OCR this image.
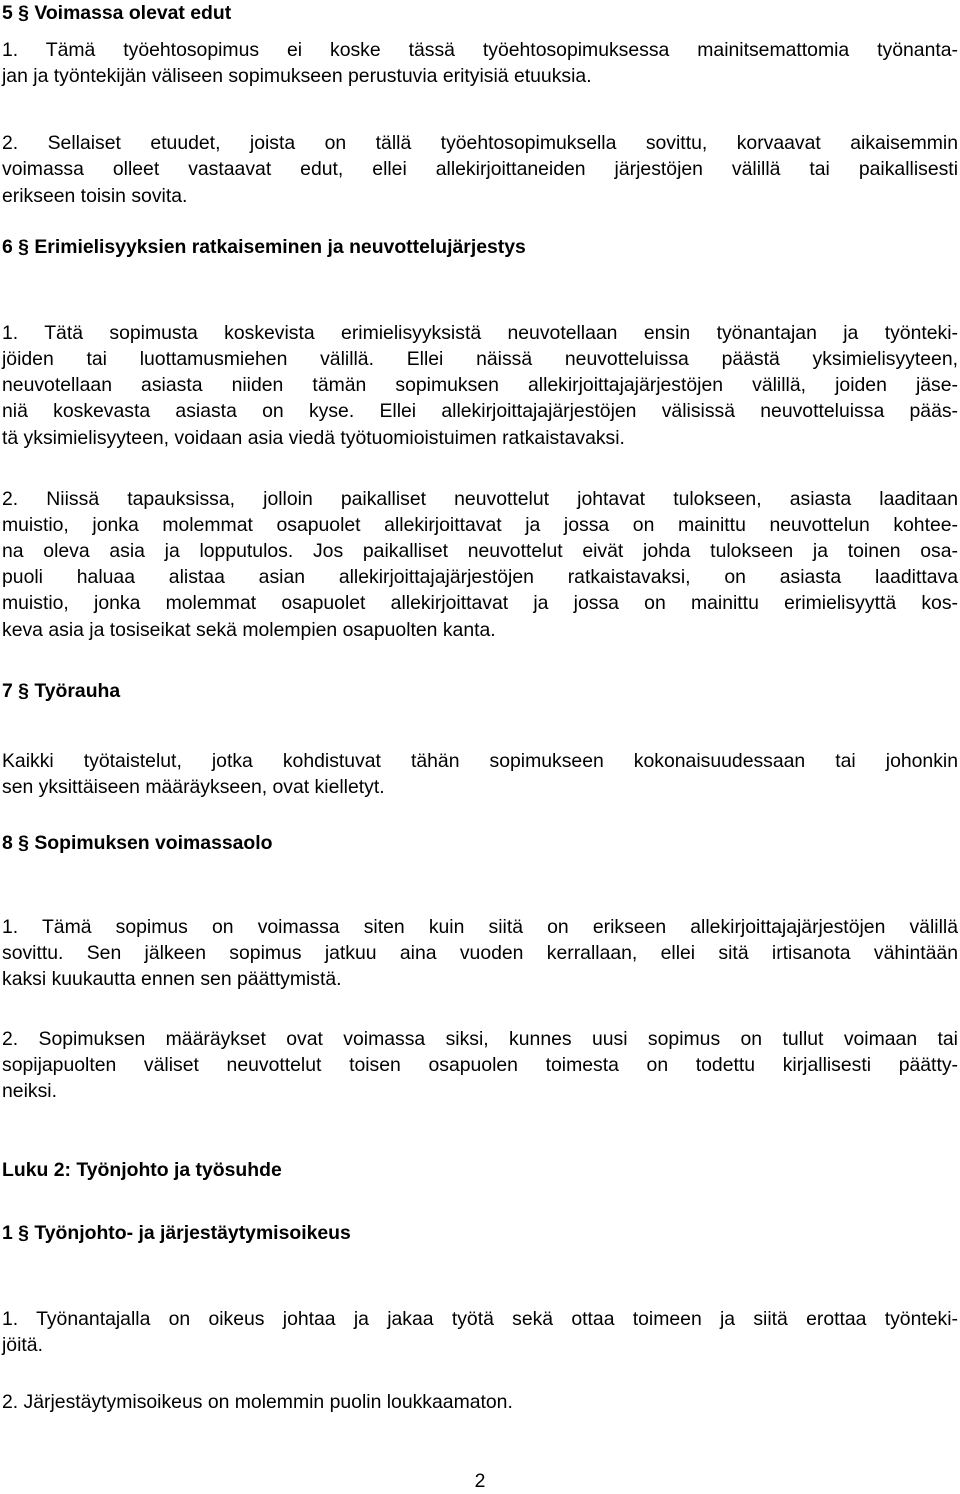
5 § Voimassa olevat edut
1. Tämä työehtosopimus ei koske tässä työehtosopimuksessa mainitsemattomia työnanta-
jan ja työntekijän väliseen sopimukseen perustuvia erityisiä etuuksia.
2. Sellaiset etuudet, joista on tällä työehtosopimuksella sovittu, korvaavat aikaisemmin
voimassa olleet vastaavat edut, ellei allekirjoittaneiden järjestöjen välillä tai paikallisesti
erikseen toisin sovita.
6 § Erimielisyyksien ratkaiseminen ja neuvottelujärjestys
1. Tätä sopimusta koskevista erimielisyyksistä neuvotellaan ensin työnantajan ja työnteki-
jöiden tai luottamusmiehen välillä. Ellei näissä neuvotteluissa päästä yksimielisyyteen,
neuvotellaan asiasta niiden tämän sopimuksen allekirjoittajajärjestöjen välillä, joiden jäse-
niä koskevasta asiasta on kyse. Ellei allekirjoittajajärjestöjen välisissä neuvotteluissa pääs-
tä yksimielisyyteen, voidaan asia viedä työtuomioistuimen ratkaistavaksi.
2. Niissä tapauksissa, jolloin paikalliset neuvottelut johtavat tulokseen, asiasta laaditaan
muistio, jonka molemmat osapuolet allekirjoittavat ja jossa on mainittu neuvottelun kohtee-
na oleva asia ja lopputulos. Jos paikalliset neuvottelut eivät johda tulokseen ja toinen osa-
puoli haluaa alistaa asian allekirjoittajajärjestöjen ratkaistavaksi, on asiasta laadittava
muistio, jonka molemmat osapuolet allekirjoittavat ja jossa on mainittu erimielisyyttä kos-
keva asia ja tosiseikat sekä molempien osapuolten kanta.
7 § Työrauha
Kaikki työtaistelut, jotka kohdistuvat tähän sopimukseen kokonaisuudessaan tai johonkin
sen yksittäiseen määräykseen, ovat kielletyt.
8 § Sopimuksen voimassaolo
1. Tämä sopimus on voimassa siten kuin siitä on erikseen allekirjoittajajärjestöjen välillä
sovittu. Sen jälkeen sopimus jatkuu aina vuoden kerrallaan, ellei sitä irtisanota vähintään
kaksi kuukautta ennen sen päättymistä.
2. Sopimuksen määräykset ovat voimassa siksi, kunnes uusi sopimus on tullut voimaan tai
sopijapuolten väliset neuvottelut toisen osapuolen toimesta on todettu kirjallisesti päätty-
neiksi.
Luku 2: Työnjohto ja työsuhde
1 § Työnjohto- ja järjestäytymisoikeus
1. Työnantajalla on oikeus johtaa ja jakaa työtä sekä ottaa toimeen ja siitä erottaa työnteki-
jöitä.
2. Järjestäytymisoikeus on molemmin puolin loukkaamaton.
2
